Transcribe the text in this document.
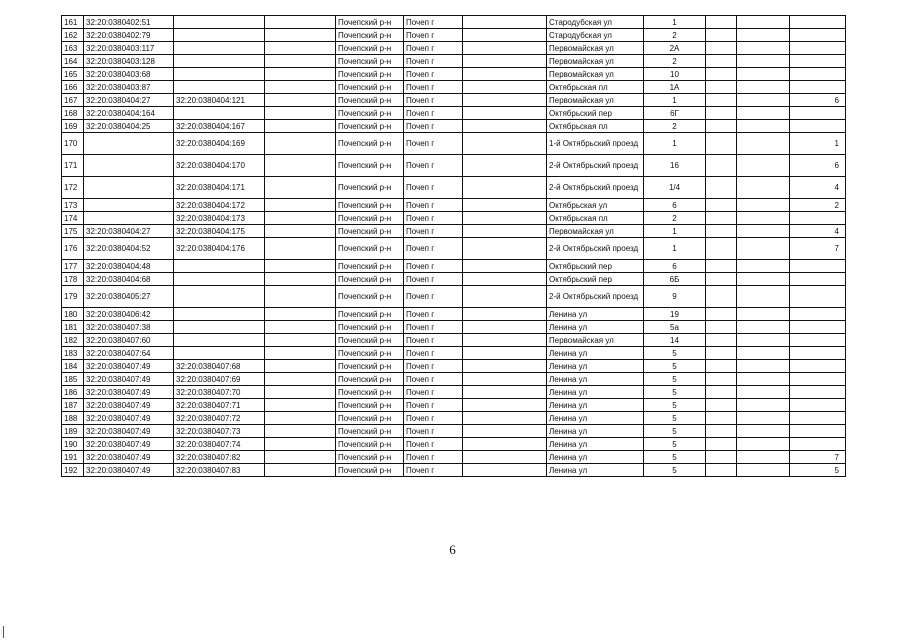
161	32:20:0380402:51			Почепский р-н	Почеп г		Стародубская ул	1			
162	32:20:0380402:79			Почепский р-н	Почеп г		Стародубская ул	2			
163	32:20:0380403:117			Почепский р-н	Почеп г		Первомайская ул	2А			
164	32:20:0380403:128			Почепский р-н	Почеп г		Первомайская ул	2			
165	32:20:0380403:68			Почепский р-н	Почеп г		Первомайская ул	10			
166	32:20:0380403:87			Почепский р-н	Почеп г		Октябрьская пл	1А			
167	32:20:0380404:27	32:20:0380404:121		Почепский р-н	Почеп г		Первомайская ул	1			6
168	32:20:0380404:164			Почепский р-н	Почеп г		Октябрьский пер	6Г			
169	32:20:0380404:25	32:20:0380404:167		Почепский р-н	Почеп г		Октябрьская пл	2			
170		32:20:0380404:169		Почепский р-н	Почеп г		1-й Октябрьский проезд	1			1
171		32:20:0380404:170		Почепский р-н	Почеп г		2-й Октябрьский проезд	16			6
172		32:20:0380404:171		Почепский р-н	Почеп г		2-й Октябрьский проезд	1/4			4
173		32:20:0380404:172		Почепский р-н	Почеп г		Октябрьская ул	6			2
174		32:20:0380404:173		Почепский р-н	Почеп г		Октябрьская пл	2			
175	32:20:0380404:27	32:20:0380404:175		Почепский р-н	Почеп г		Первомайская ул	1			4
176	32:20:0380404:52	32:20:0380404:176		Почепский р-н	Почеп г		2-й Октябрьский проезд	1			7
177	32:20:0380404:48			Почепский р-н	Почеп г		Октябрьский пер	6			
178	32:20:0380404:68			Почепский р-н	Почеп г		Октябрьский пер	6Б			
179	32:20:0380405:27			Почепский р-н	Почеп г		2-й Октябрьский проезд	9			
180	32:20:0380406:42			Почепский р-н	Почеп г		Ленина ул	19			
181	32:20:0380407:38			Почепский р-н	Почеп г		Ленина ул	5а			
182	32:20:0380407:60			Почепский р-н	Почеп г		Первомайская ул	14			
183	32:20:0380407:64			Почепский р-н	Почеп г		Ленина ул	5			
184	32:20:0380407:49	32:20:0380407:68		Почепский р-н	Почеп г		Ленина ул	5			
185	32:20:0380407:49	32:20:0380407:69		Почепский р-н	Почеп г		Ленина ул	5			
186	32:20:0380407:49	32:20:0380407:70		Почепский р-н	Почеп г		Ленина ул	5			
187	32:20:0380407:49	32:20:0380407:71		Почепский р-н	Почеп г		Ленина ул	5			
188	32:20:0380407:49	32:20:0380407:72		Почепский р-н	Почеп г		Ленина ул	5			
189	32:20:0380407:49	32:20:0380407:73		Почепский р-н	Почеп г		Ленина ул	5			
190	32:20:0380407:49	32:20:0380407:74		Почепский р-н	Почеп г		Ленина ул	5			
191	32:20:0380407:49	32:20:0380407:82		Почепский р-н	Почеп г		Ленина ул	5			7
192	32:20:0380407:49	32:20:0380407:83		Почепский р-н	Почеп г		Ленина ул	5			5
6
